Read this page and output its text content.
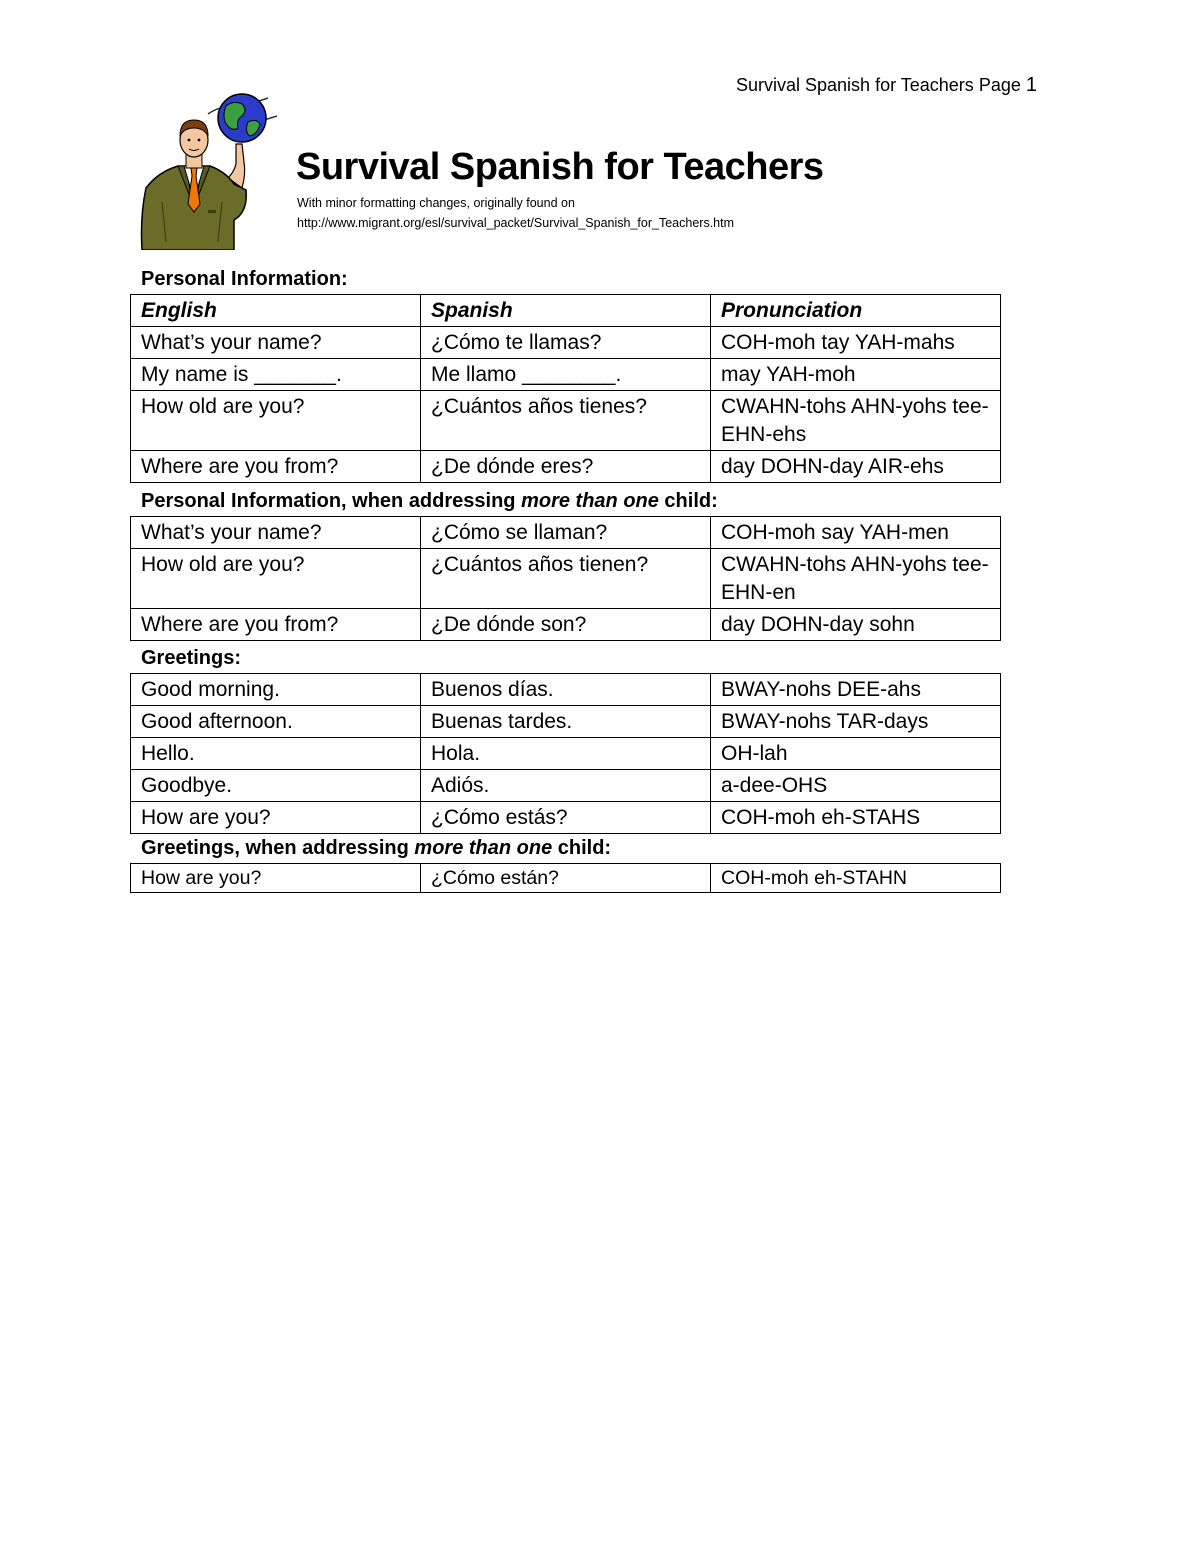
Survival Spanish for Teachers Page 1
Survival Spanish for Teachers
With minor formatting changes, originally found on
http://www.migrant.org/esl/survival_packet/Survival_Spanish_for_Teachers.htm
Personal Information:
English	Spanish	Pronunciation
What’s your name?	¿Cómo te llamas?	COH-moh tay YAH-mahs
My name is _______.	Me llamo ________.	may YAH-moh
How old are you?	¿Cuántos años tienes?	CWAHN-tohs AHN-yohs tee-EHN-ehs
Where are you from?	¿De dónde eres?	day DOHN-day AIR-ehs
Personal Information, when addressing more than one child:
What’s your name?	¿Cómo se llaman?	COH-moh say YAH-men
How old are you?	¿Cuántos años tienen?	CWAHN-tohs AHN-yohs tee-EHN-en
Where are you from?	¿De dónde son?	day DOHN-day sohn
Greetings:
Good morning.	Buenos días.	BWAY-nohs DEE-ahs
Good afternoon.	Buenas tardes.	BWAY-nohs TAR-days
Hello.	Hola.	OH-lah
Goodbye.	Adiós.	a-dee-OHS
How are you?	¿Cómo estás?	COH-moh eh-STAHS
Greetings, when addressing more than one child:
How are you?	¿Cómo están?	COH-moh eh-STAHN
